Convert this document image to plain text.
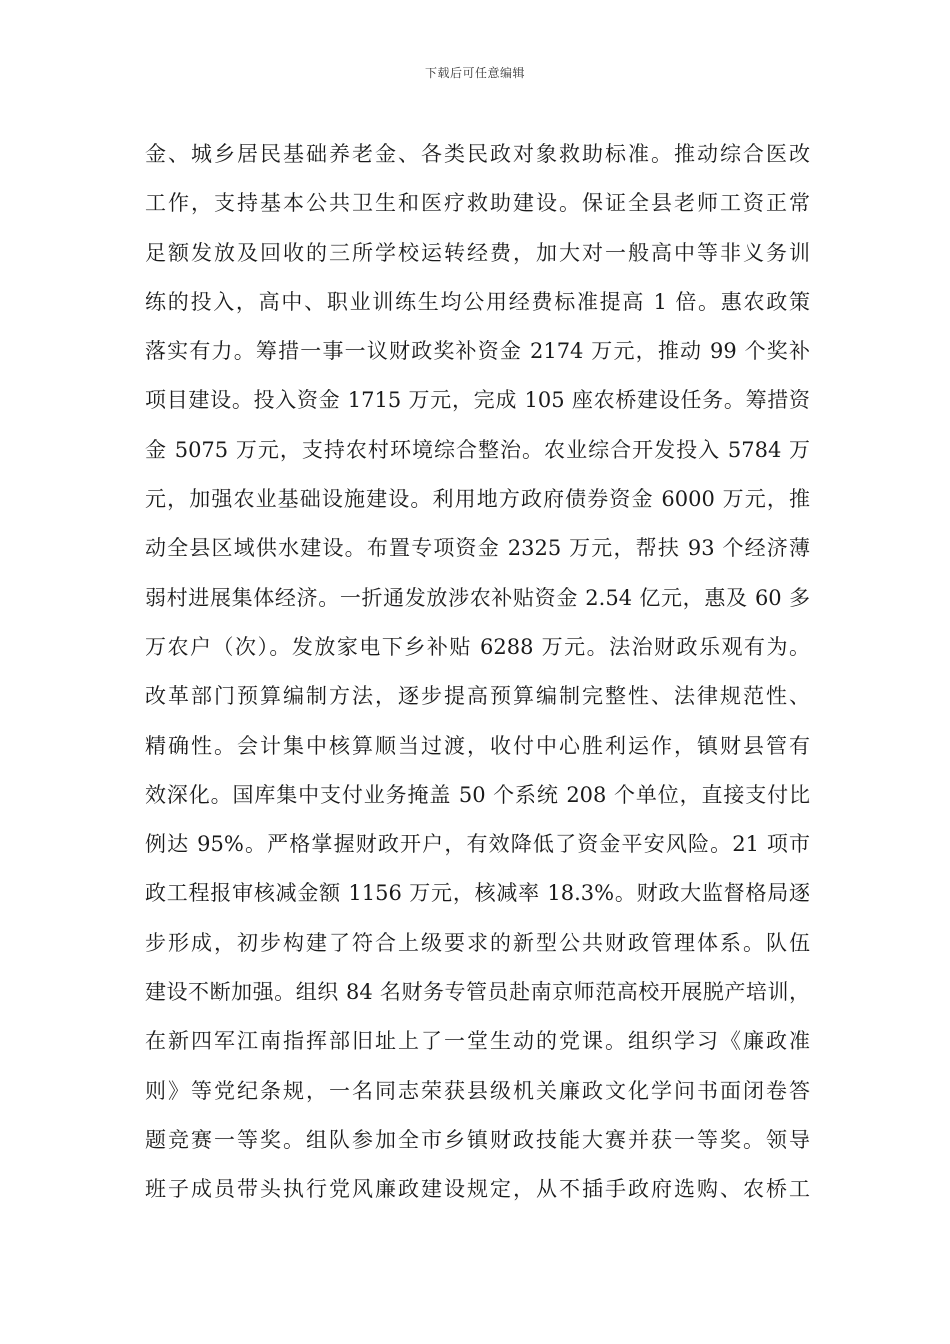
下载后可任意编辑
金、城乡居民基础养老金、各类民政对象救助标准。推动综合医改
工作，支持基本公共卫生和医疗救助建设。保证全县老师工资正常
足额发放及回收的三所学校运转经费，加大对一般高中等非义务训
练的投入，高中、职业训练生均公用经费标准提高 1 倍。惠农政策
落实有力。筹措一事一议财政奖补资金 2174 万元，推动 99 个奖补
项目建设。投入资金 1715 万元，完成 105 座农桥建设任务。筹措资
金 5075 万元，支持农村环境综合整治。农业综合开发投入 5784 万
元，加强农业基础设施建设。利用地方政府债券资金 6000 万元，推
动全县区域供水建设。布置专项资金 2325 万元，帮扶 93 个经济薄
弱村进展集体经济。一折通发放涉农补贴资金 2.54 亿元，惠及 60 多
万农户（次）。发放家电下乡补贴 6288 万元。法治财政乐观有为。
改革部门预算编制方法，逐步提高预算编制完整性、法律规范性、
精确性。会计集中核算顺当过渡，收付中心胜利运作，镇财县管有
效深化。国库集中支付业务掩盖 50 个系统 208 个单位，直接支付比
例达 95%。严格掌握财政开户，有效降低了资金平安风险。21 项市
政工程报审核减金额 1156 万元，核减率 18.3%。财政大监督格局逐
步形成，初步构建了符合上级要求的新型公共财政管理体系。队伍
建设不断加强。组织 84 名财务专管员赴南京师范高校开展脱产培训，
在新四军江南指挥部旧址上了一堂生动的党课。组织学习《廉政准
则》等党纪条规，一名同志荣获县级机关廉政文化学问书面闭卷答
题竞赛一等奖。组队参加全市乡镇财政技能大赛并获一等奖。领导
班子成员带头执行党风廉政建设规定，从不插手政府选购、农桥工
